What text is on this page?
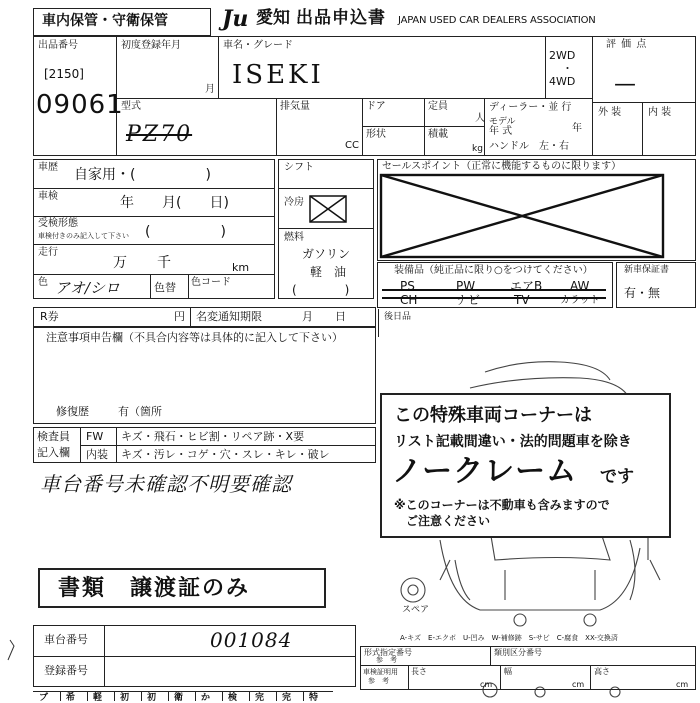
車内保管・守衛保管 Ju 愛知 出品申込書 JAPAN USED CAR DEALERS ASSOCIATION
出品番号
[2150]
09061
初度登録年月
月
車名・グレード
ISEKI
2WD
・
4WD
評 価 点
—
外 装	内 装
型式
PZ70
排気量
CC
ドア	定員
人
形状	積載
kg
ディーラー・並 行
モデル
年 式	年
ハンドル　左・右
車歴 自家用・(　　　　　)
車検	年　　月(　　日)
受検形態
車検付きのみ記入して下さい (　　　　　)
走行
万 千	km
色 アオ/シロ	色替 色コード
シフト
冷房
燃料
ガソリン
軽　油
(　　　　)
セールスポイント（正常に機能するものに限ります）
装備品（純正品に限り○をつけてください）
PS	PW	エアB AW
CH	ナビ	TV	カラット
新車保証書
有・無
R券	円 名変通知期限	月　　日	後日品
注意事項申告欄（不具合内容等は具体的に記入して下さい）
修復歴	有（箇所
検査員
記入欄
FW キズ・飛石・ヒビ割・リペア跡・X要
内装 キズ・汚レ・コゲ・穴・スレ・キレ・破レ
車台番号未確認不明要確認
書類　譲渡証のみ
この特殊車両コーナーは
リスト記載間違い・法的問題車を除き
ノークレーム です
※このコーナーは不動車も含みますので
ご注意ください
スペア
A-キズ　E-エクボ　U-凹み　W-補修跡　S-サビ　C-腐食　XX-交換済
車台番号	001084
登録番号
形式指定番号
参　考
類別区分番号
車検証明用
参　考
長さ
cm
幅
cm
高さ
cm
ブ 希 軽 初 初 衛 か 検 完 完 特
